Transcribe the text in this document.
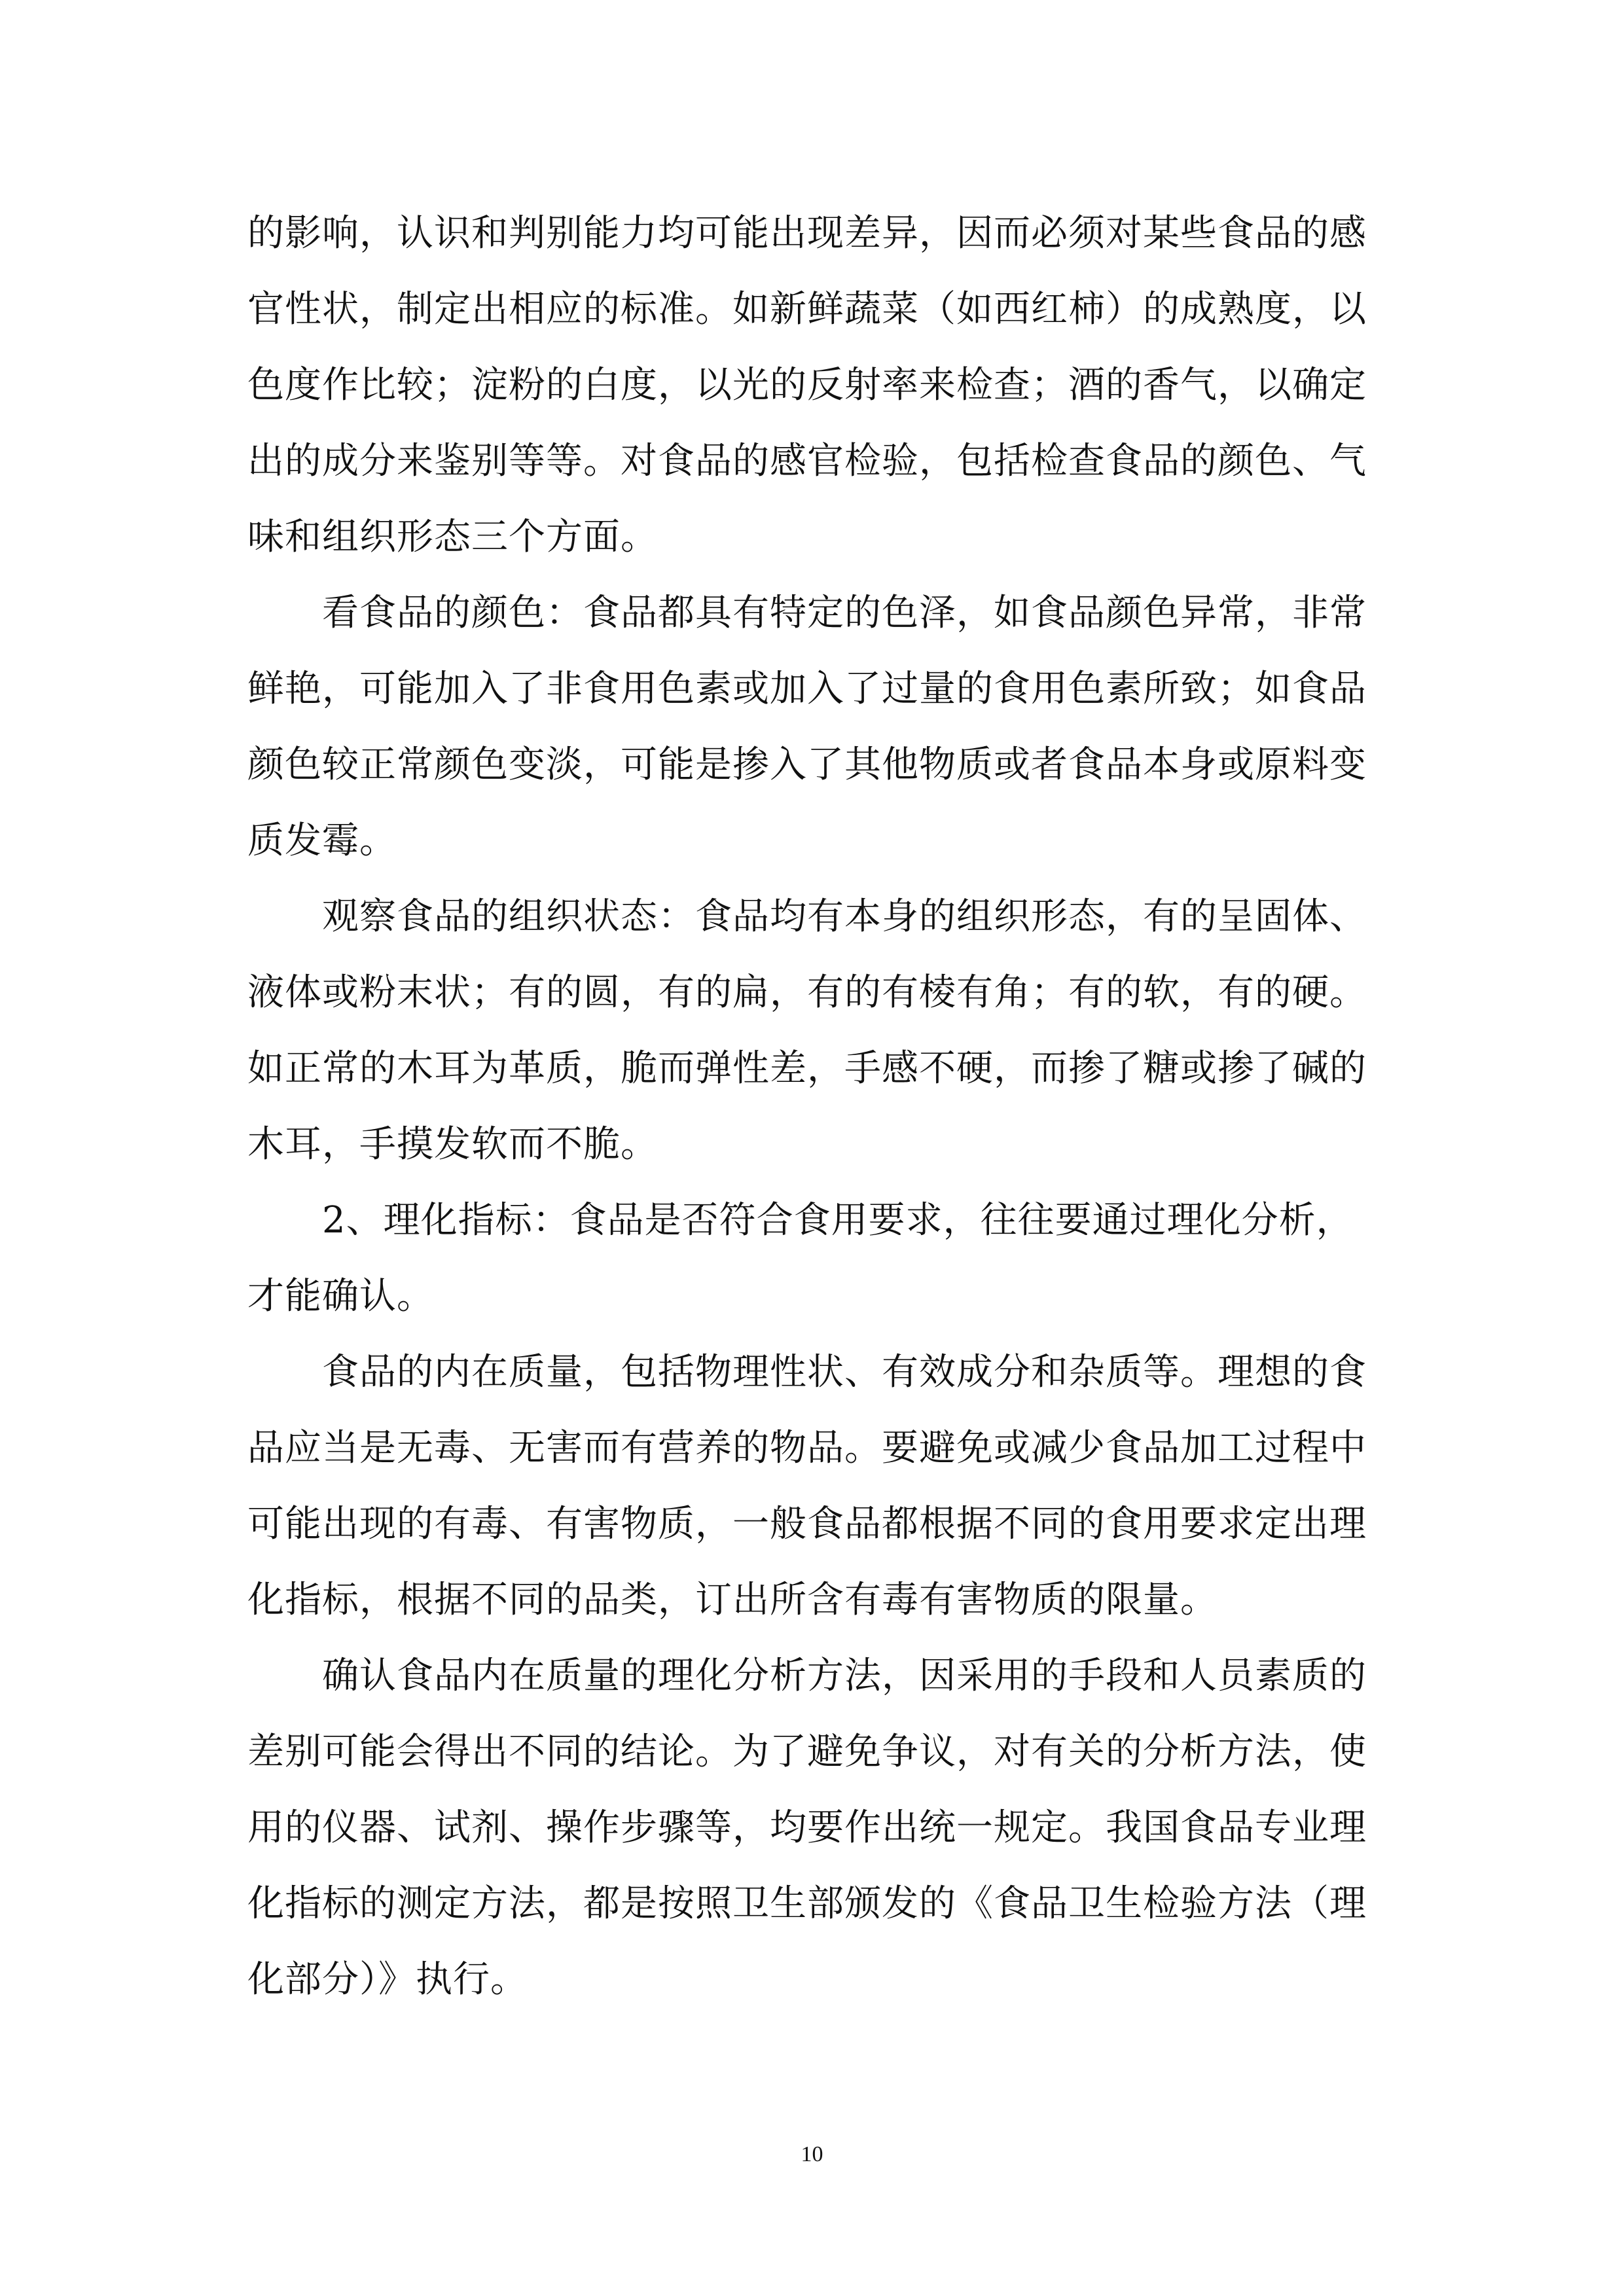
的影响，认识和判别能力均可能出现差异，因而必须对某些食品的感

官性状，制定出相应的标准。如新鲜蔬菜（如西红柿）的成熟度，以

色度作比较；淀粉的白度，以光的反射率来检查；酒的香气，以确定

出的成分来鉴别等等。对食品的感官检验，包括检查食品的颜色、气

味和组织形态三个方面。

看食品的颜色：食品都具有特定的色泽，如食品颜色异常，非常

鲜艳，可能加入了非食用色素或加入了过量的食用色素所致；如食品

颜色较正常颜色变淡，可能是掺入了其他物质或者食品本身或原料变

质发霉。

观察食品的组织状态：食品均有本身的组织形态，有的呈固体、

液体或粉末状；有的圆，有的扁，有的有棱有角；有的软，有的硬。

如正常的木耳为革质，脆而弹性差，手感不硬，而掺了糖或掺了碱的

木耳，手摸发软而不脆。

2、理化指标：食品是否符合食用要求，往往要通过理化分析，

才能确认。

食品的内在质量，包括物理性状、有效成分和杂质等。理想的食

品应当是无毒、无害而有营养的物品。要避免或减少食品加工过程中

可能出现的有毒、有害物质，一般食品都根据不同的食用要求定出理

化指标，根据不同的品类，订出所含有毒有害物质的限量。

确认食品内在质量的理化分析方法，因采用的手段和人员素质的

差别可能会得出不同的结论。为了避免争议，对有关的分析方法，使

用的仪器、试剂、操作步骤等，均要作出统一规定。我国食品专业理

化指标的测定方法，都是按照卫生部颁发的《食品卫生检验方法（理

化部分）》执行。

10
